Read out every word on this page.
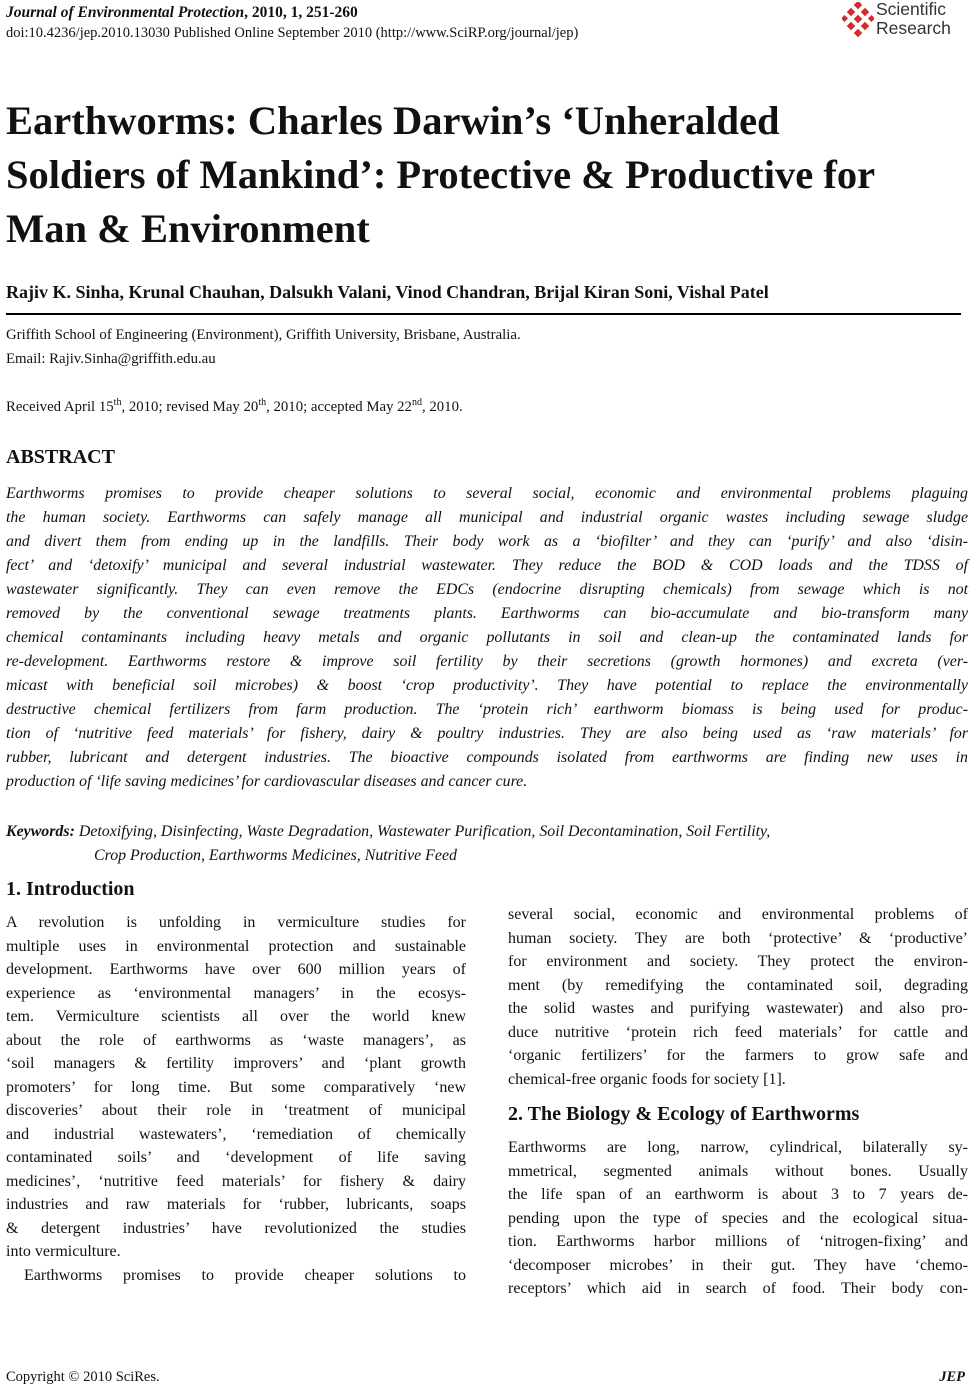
Journal of Environmental Protection, 2010, 1, 251-260
doi:10.4236/jep.2010.13030 Published Online September 2010 (http://www.SciRP.org/journal/jep)
Scientific
Research
Earthworms: Charles Darwin’s ‘Unheralded
Soldiers of Mankind’: Protective & Productive for
Man & Environment
Rajiv K. Sinha, Krunal Chauhan, Dalsukh Valani, Vinod Chandran, Brijal Kiran Soni, Vishal Patel
Griffith School of Engineering (Environment), Griffith University, Brisbane, Australia.
Email: Rajiv.Sinha@griffith.edu.au
Received April 15th, 2010; revised May 20th, 2010; accepted May 22nd, 2010.
ABSTRACT
Earthworms promises to provide cheaper solutions to several social, economic and environmental problems plaguing
the human society. Earthworms can safely manage all municipal and industrial organic wastes including sewage sludge
and divert them from ending up in the landfills. Their body work as a ‘biofilter’ and they can ‘purify’ and also ‘disin-
fect’ and ‘detoxify’ municipal and several industrial wastewater. They reduce the BOD & COD loads and the TDSS of
wastewater significantly. They can even remove the EDCs (endocrine disrupting chemicals) from sewage which is not
removed by the conventional sewage treatments plants. Earthworms can bio-accumulate and bio-transform many
chemical contaminants including heavy metals and organic pollutants in soil and clean-up the contaminated lands for
re-development. Earthworms restore & improve soil fertility by their secretions (growth hormones) and excreta (ver-
micast with beneficial soil microbes) & boost ‘crop productivity’. They have potential to replace the environmentally
destructive chemical fertilizers from farm production. The ‘protein rich’ earthworm biomass is being used for produc-
tion of ‘nutritive feed materials’ for fishery, dairy & poultry industries. They are also being used as ‘raw materials’ for
rubber, lubricant and detergent industries. The bioactive compounds isolated from earthworms are finding new uses in
production of ‘life saving medicines’ for cardiovascular diseases and cancer cure.
Keywords: Detoxifying, Disinfecting, Waste Degradation, Wastewater Purification, Soil Decontamination, Soil Fertility,
Crop Production, Earthworms Medicines, Nutritive Feed
1. Introduction
A revolution is unfolding in vermiculture studies for
multiple uses in environmental protection and sustainable
development. Earthworms have over 600 million years of
experience as ‘environmental managers’ in the ecosys-
tem. Vermiculture scientists all over the world knew
about the role of earthworms as ‘waste managers’, as
‘soil managers & fertility improvers’ and ‘plant growth
promoters’ for long time. But some comparatively ‘new
discoveries’ about their role in ‘treatment of municipal
and industrial wastewaters’, ‘remediation of chemically
contaminated soils’ and ‘development of life saving
medicines’, ‘nutritive feed materials’ for fishery & dairy
industries and raw materials for ‘rubber, lubricants, soaps
& detergent industries’ have revolutionized the studies
into vermiculture.
Earthworms promises to provide cheaper solutions to
several social, economic and environmental problems of
human society. They are both ‘protective’ & ‘productive’
for environment and society. They protect the environ-
ment (by remedifying the contaminated soil, degrading
the solid wastes and purifying wastewater) and also pro-
duce nutritive ‘protein rich feed materials’ for cattle and
‘organic fertilizers’ for the farmers to grow safe and
chemical-free organic foods for society [1].
2. The Biology & Ecology of Earthworms
Earthworms are long, narrow, cylindrical, bilaterally sy-
mmetrical, segmented animals without bones. Usually
the life span of an earthworm is about 3 to 7 years de-
pending upon the type of species and the ecological situa-
tion. Earthworms harbor millions of ‘nitrogen-fixing’ and
‘decomposer microbes’ in their gut. They have ‘chemo-
receptors’ which aid in search of food. Their body con-
Copyright © 2010 SciRes.	JEP
